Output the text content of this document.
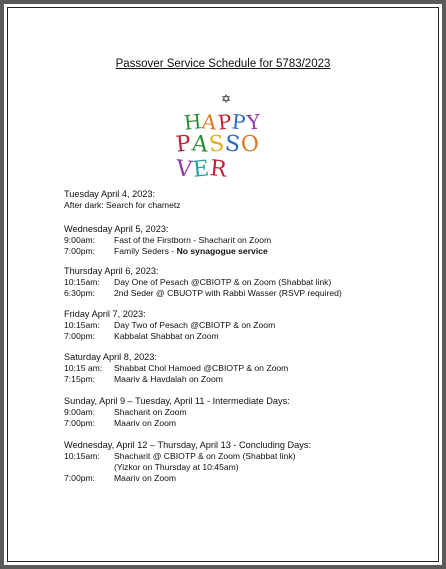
Passover Service Schedule for 5783/2023
✡
HAPPY
PASSOVER
Tuesday April 4, 2023:
After dark: Search for chametz
Wednesday April 5, 2023:
9:00am:	Fast of the Firstborn - Shacharit on Zoom
7:00pm:	Family Seders - No synagogue service
Thursday April 6, 2023:
10:15am:	Day One of Pesach @CBIOTP & on Zoom (Shabbat link)
6:30pm:	2nd Seder @ CBUOTP with Rabbi Wasser (RSVP required)
Friday April 7, 2023:
10:15am:	Day Two of Pesach @CBIOTP & on Zoom
7:00pm:	Kabbalat Shabbat on Zoom
Saturday April 8, 2023:
10:15 am:	Shabbat Chol Hamoed @CBIOTP & on Zoom
7:15pm:	Maariv & Havdalah on Zoom
Sunday, April 9 – Tuesday, April 11 - Intermediate Days:
9:00am:	Shacharit on Zoom
7:00pm:	Maariv on Zoom
Wednesday, April 12 – Thursday, April 13 - Concluding Days:
10:15am:	Shacharit @ CBIOTP & on Zoom (Shabbat link)
(Yizkor on Thursday at 10:45am)
7:00pm:	Maariv on Zoom
